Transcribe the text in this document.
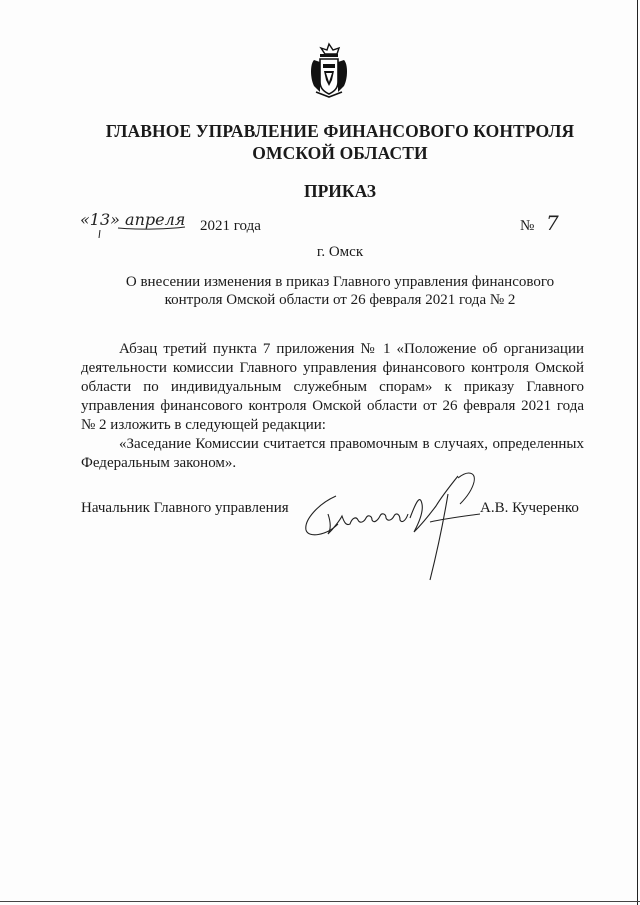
ГЛАВНОЕ УПРАВЛЕНИЕ ФИНАНСОВОГО КОНТРОЛЯ
ОМСКОЙ ОБЛАСТИ
ПРИКАЗ
«13» апреля 2021 года	№ 7
г. Омск
О внесении изменения в приказ Главного управления финансового
контроля Омской области от 26 февраля 2021 года № 2

Абзац третий пункта 7 приложения № 1 «Положение об организации деятельности комиссии Главного управления финансового контроля Омской области по индивидуальным служебным спорам» к приказу Главного управления финансового контроля Омской области от 26 февраля 2021 года № 2 изложить в следующей редакции:

«Заседание Комиссии считается правомочным в случаях, определенных Федеральным законом».

Начальник Главного управления	А.В. Кучеренко
